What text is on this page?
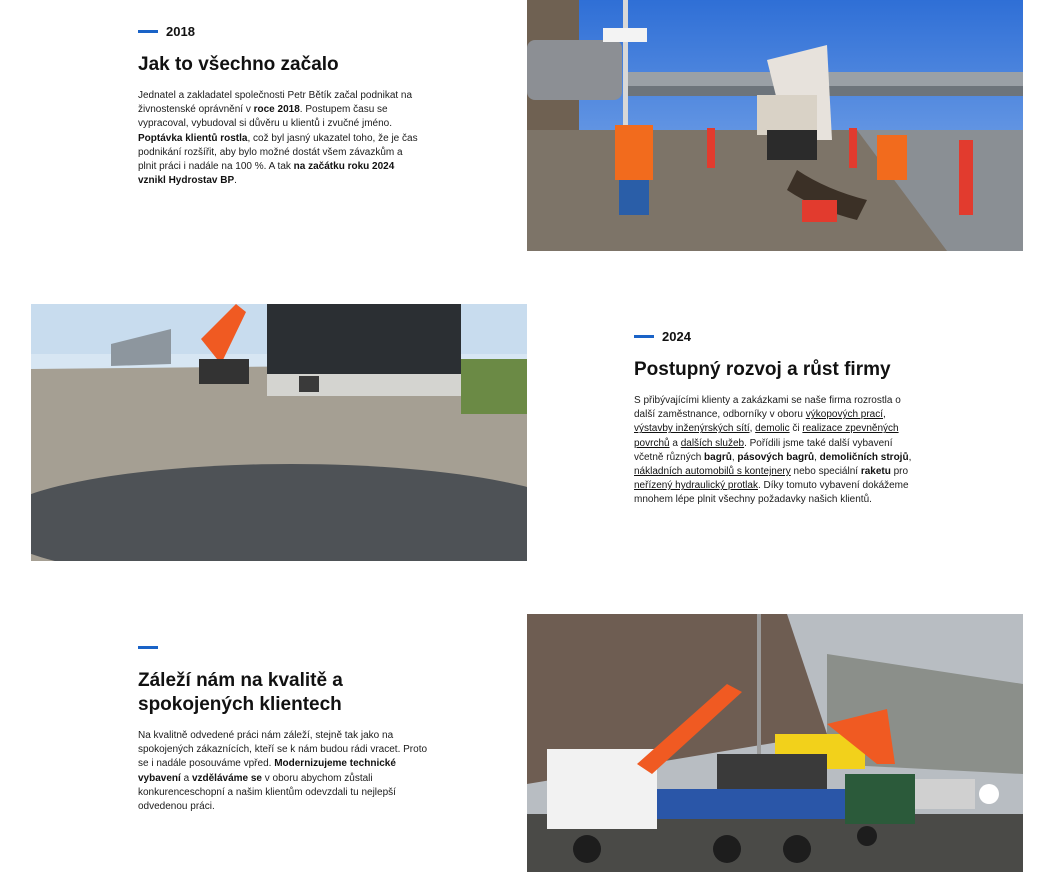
2018
Jak to všechno začalo

Jednatel a zakladatel společnosti Petr Bětík začal podnikat na živnostenské oprávnění v roce 2018. Postupem času se vypracoval, vybudoval si důvěru u klientů i zvučné jméno. Poptávka klientů rostla, což byl jasný ukazatel toho, že je čas podnikání rozšířit, aby bylo možné dostát všem závazkům a plnit práci i nadále na 100 %. A tak na začátku roku 2024 vznikl Hydrostav BP.

2024
Postupný rozvoj a růst firmy

S přibývajícími klienty a zakázkami se naše firma rozrostla o další zaměstnance, odborníky v oboru výkopových prací, výstavby inženýrských sítí, demolic či realizace zpevněných povrchů a dalších služeb. Pořídili jsme také další vybavení včetně různých bagrů, pásových bagrů, demoličních strojů, nákladních automobilů s kontejnery nebo speciální raketu pro neřízený hydraulický protlak. Díky tomuto vybavení dokážeme mnohem lépe plnit všechny požadavky našich klientů.

Záleží nám na kvalitě a spokojených klientech

Na kvalitně odvedené práci nám záleží, stejně tak jako na spokojených zákaznících, kteří se k nám budou rádi vracet. Proto se i nadále posouváme vpřed. Modernizujeme technické vybavení a vzděláváme se v oboru abychom zůstali konkurenceschopní a našim klientům odevzdali tu nejlepší odvedenou práci.
